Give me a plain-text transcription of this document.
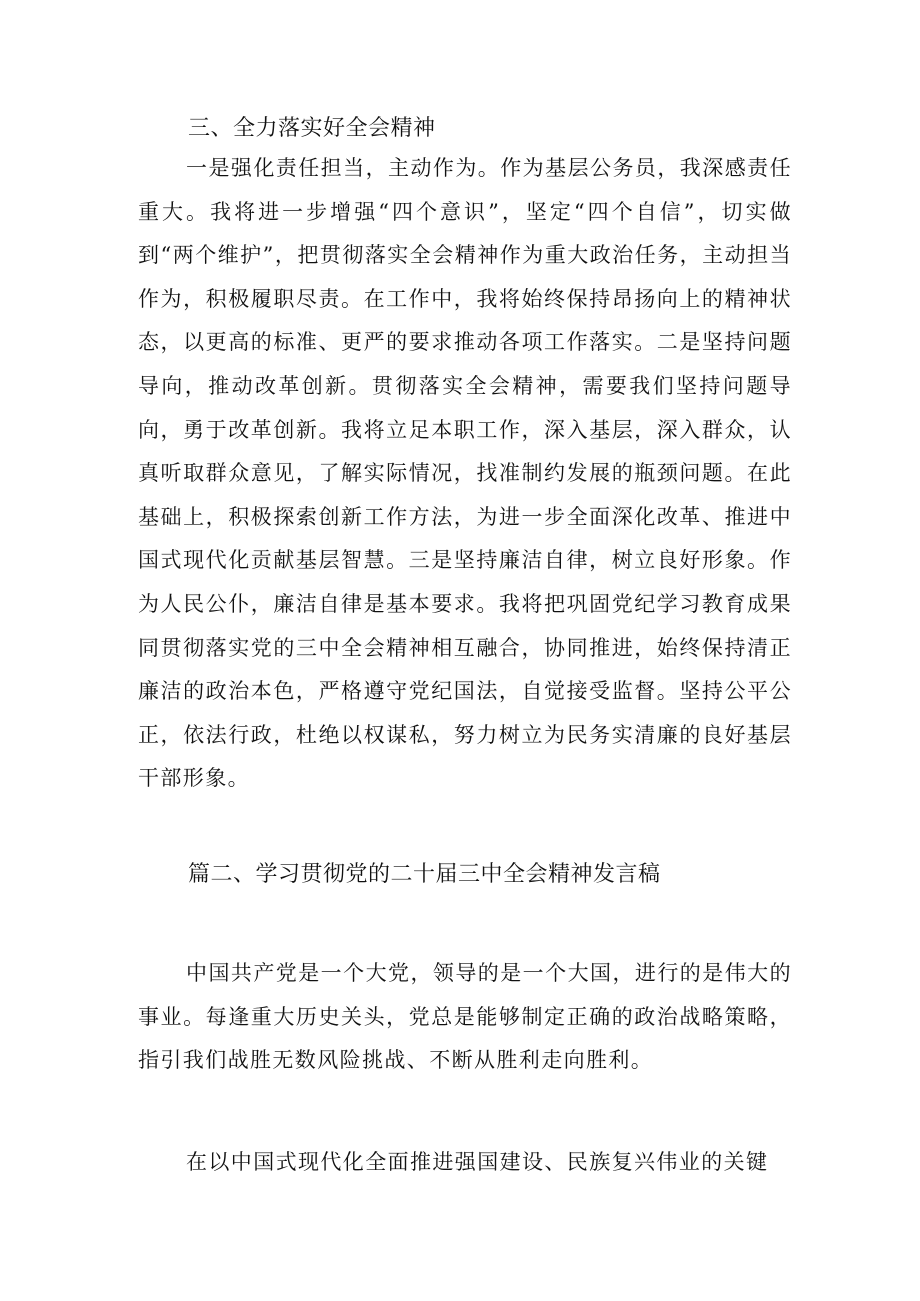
三、全力落实好全会精神

一是强化责任担当，主动作为。作为基层公务员，我深感责任重大。我将进一步增强“四个意识”，坚定“四个自信”，切实做到“两个维护”，把贯彻落实全会精神作为重大政治任务，主动担当作为，积极履职尽责。在工作中，我将始终保持昂扬向上的精神状态，以更高的标准、更严的要求推动各项工作落实。二是坚持问题导向，推动改革创新。贯彻落实全会精神，需要我们坚持问题导向，勇于改革创新。我将立足本职工作，深入基层，深入群众，认真听取群众意见，了解实际情况，找准制约发展的瓶颈问题。在此基础上，积极探索创新工作方法，为进一步全面深化改革、推进中国式现代化贡献基层智慧。三是坚持廉洁自律，树立良好形象。作为人民公仆，廉洁自律是基本要求。我将把巩固党纪学习教育成果同贯彻落实党的三中全会精神相互融合，协同推进，始终保持清正廉洁的政治本色，严格遵守党纪国法，自觉接受监督。坚持公平公正，依法行政，杜绝以权谋私，努力树立为民务实清廉的良好基层干部形象。

篇二、学习贯彻党的二十届三中全会精神发言稿

中国共产党是一个大党，领导的是一个大国，进行的是伟大的事业。每逢重大历史关头，党总是能够制定正确的政治战略策略，指引我们战胜无数风险挑战、不断从胜利走向胜利。

在以中国式现代化全面推进强国建设、民族复兴伟业的关键
